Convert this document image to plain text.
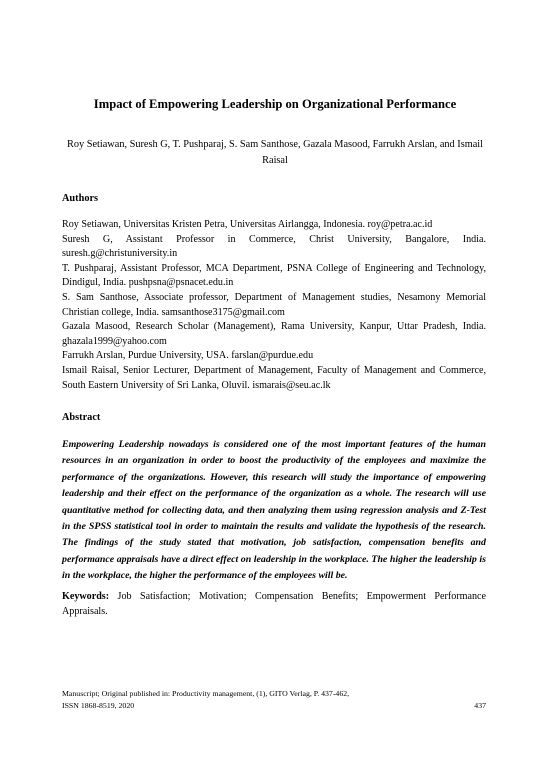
Impact of Empowering Leadership on Organizational Performance
Roy Setiawan, Suresh G, T. Pushparaj, S. Sam Santhose, Gazala Masood, Farrukh Arslan, and Ismail Raisal
Authors

Roy Setiawan, Universitas Kristen Petra, Universitas Airlangga, Indonesia. roy@petra.ac.id

Suresh G, Assistant Professor in Commerce, Christ University, Bangalore, India. suresh.g@christuniversity.in

T. Pushparaj, Assistant Professor, MCA Department, PSNA College of Engineering and Technology, Dindigul, India. pushpsna@psnacet.edu.in

S. Sam Santhose, Associate professor, Department of Management studies, Nesamony Memorial Christian college, India. samsanthose3175@gmail.com

Gazala Masood, Research Scholar (Management), Rama University, Kanpur, Uttar Pradesh, India. ghazala1999@yahoo.com

Farrukh Arslan, Purdue University, USA. farslan@purdue.edu

Ismail Raisal, Senior Lecturer, Department of Management, Faculty of Management and Commerce, South Eastern University of Sri Lanka, Oluvil. ismarais@seu.ac.lk

Abstract

Empowering Leadership nowadays is considered one of the most important features of the human resources in an organization in order to boost the productivity of the employees and maximize the performance of the organizations. However, this research will study the importance of empowering leadership and their effect on the performance of the organization as a whole. The research will use quantitative method for collecting data, and then analyzing them using regression analysis and Z-Test in the SPSS statistical tool in order to maintain the results and validate the hypothesis of the research. The findings of the study stated that motivation, job satisfaction, compensation benefits and performance appraisals have a direct effect on leadership in the workplace. The higher the leadership is in the workplace, the higher the performance of the employees will be.

Keywords: Job Satisfaction; Motivation; Compensation Benefits; Empowerment Performance Appraisals.

Manuscript; Original published in: Productivity management, (1), GITO Verlag, P. 437-462,
ISSN 1868-8519, 2020	437
